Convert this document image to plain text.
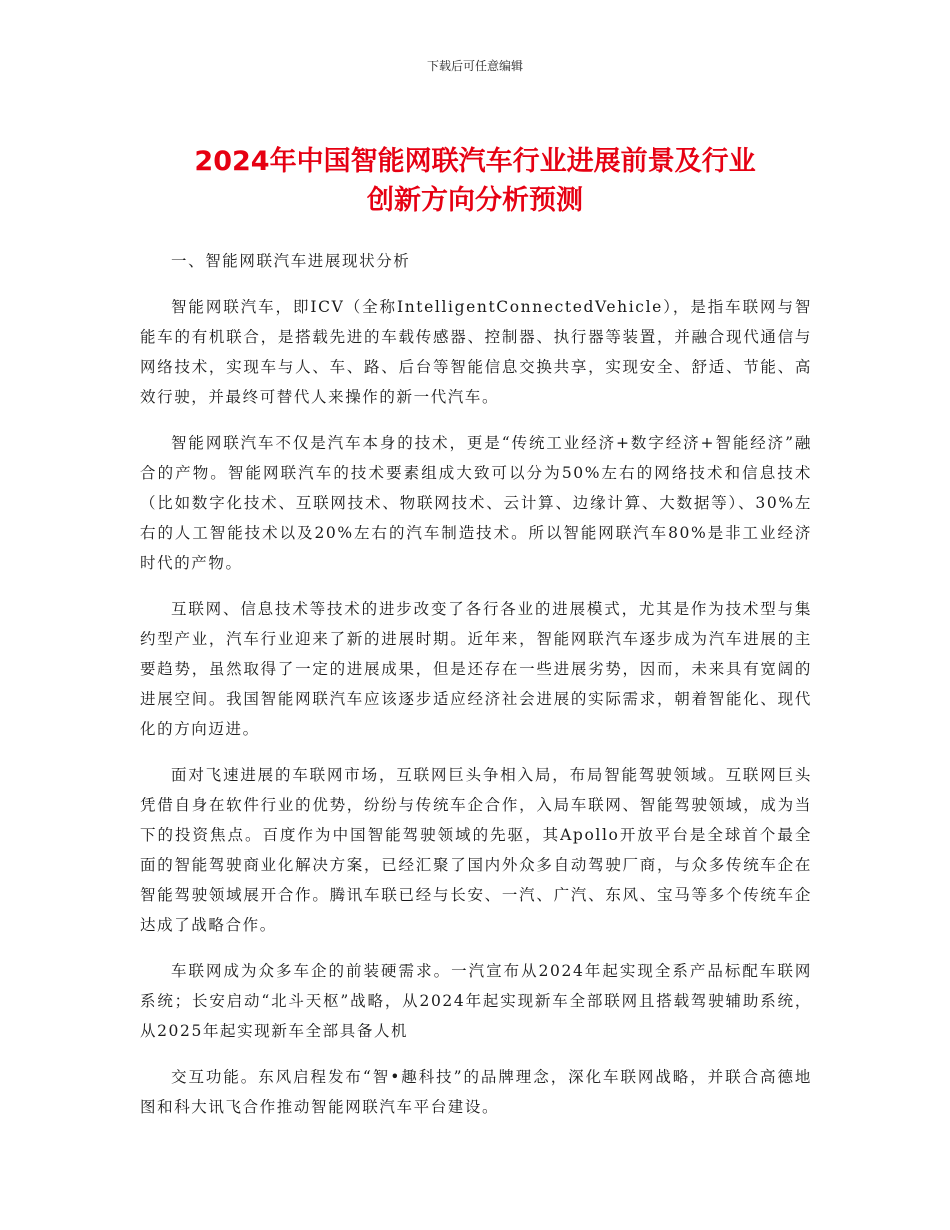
下载后可任意编辑
2024年中国智能网联汽车行业进展前景及行业
创新方向分析预测

一、智能网联汽车进展现状分析

智能网联汽车，即ICV（全称IntelligentConnectedVehicle），是指车联网与智能车的有机联合，是搭载先进的车载传感器、控制器、执行器等装置，并融合现代通信与网络技术，实现车与人、车、路、后台等智能信息交换共享，实现安全、舒适、节能、高效行驶，并最终可替代人来操作的新一代汽车。

智能网联汽车不仅是汽车本身的技术，更是“传统工业经济+数字经济+智能经济”融合的产物。智能网联汽车的技术要素组成大致可以分为50%左右的网络技术和信息技术（比如数字化技术、互联网技术、物联网技术、云计算、边缘计算、大数据等）、30%左右的人工智能技术以及20%左右的汽车制造技术。所以智能网联汽车80%是非工业经济时代的产物。

互联网、信息技术等技术的进步改变了各行各业的进展模式，尤其是作为技术型与集约型产业，汽车行业迎来了新的进展时期。近年来，智能网联汽车逐步成为汽车进展的主要趋势，虽然取得了一定的进展成果，但是还存在一些进展劣势，因而，未来具有宽阔的进展空间。我国智能网联汽车应该逐步适应经济社会进展的实际需求，朝着智能化、现代化的方向迈进。

面对飞速进展的车联网市场，互联网巨头争相入局，布局智能驾驶领域。互联网巨头凭借自身在软件行业的优势，纷纷与传统车企合作，入局车联网、智能驾驶领域，成为当下的投资焦点。百度作为中国智能驾驶领域的先驱，其Apollo开放平台是全球首个最全面的智能驾驶商业化解决方案，已经汇聚了国内外众多自动驾驶厂商，与众多传统车企在智能驾驶领域展开合作。腾讯车联已经与长安、一汽、广汽、东风、宝马等多个传统车企达成了战略合作。

车联网成为众多车企的前装硬需求。一汽宣布从2024年起实现全系产品标配车联网系统；长安启动“北斗天枢”战略，从2024年起实现新车全部联网且搭载驾驶辅助系统，从2025年起实现新车全部具备人机

交互功能。东风启程发布“智•趣科技”的品牌理念，深化车联网战略，并联合高德地图和科大讯飞合作推动智能网联汽车平台建设。
